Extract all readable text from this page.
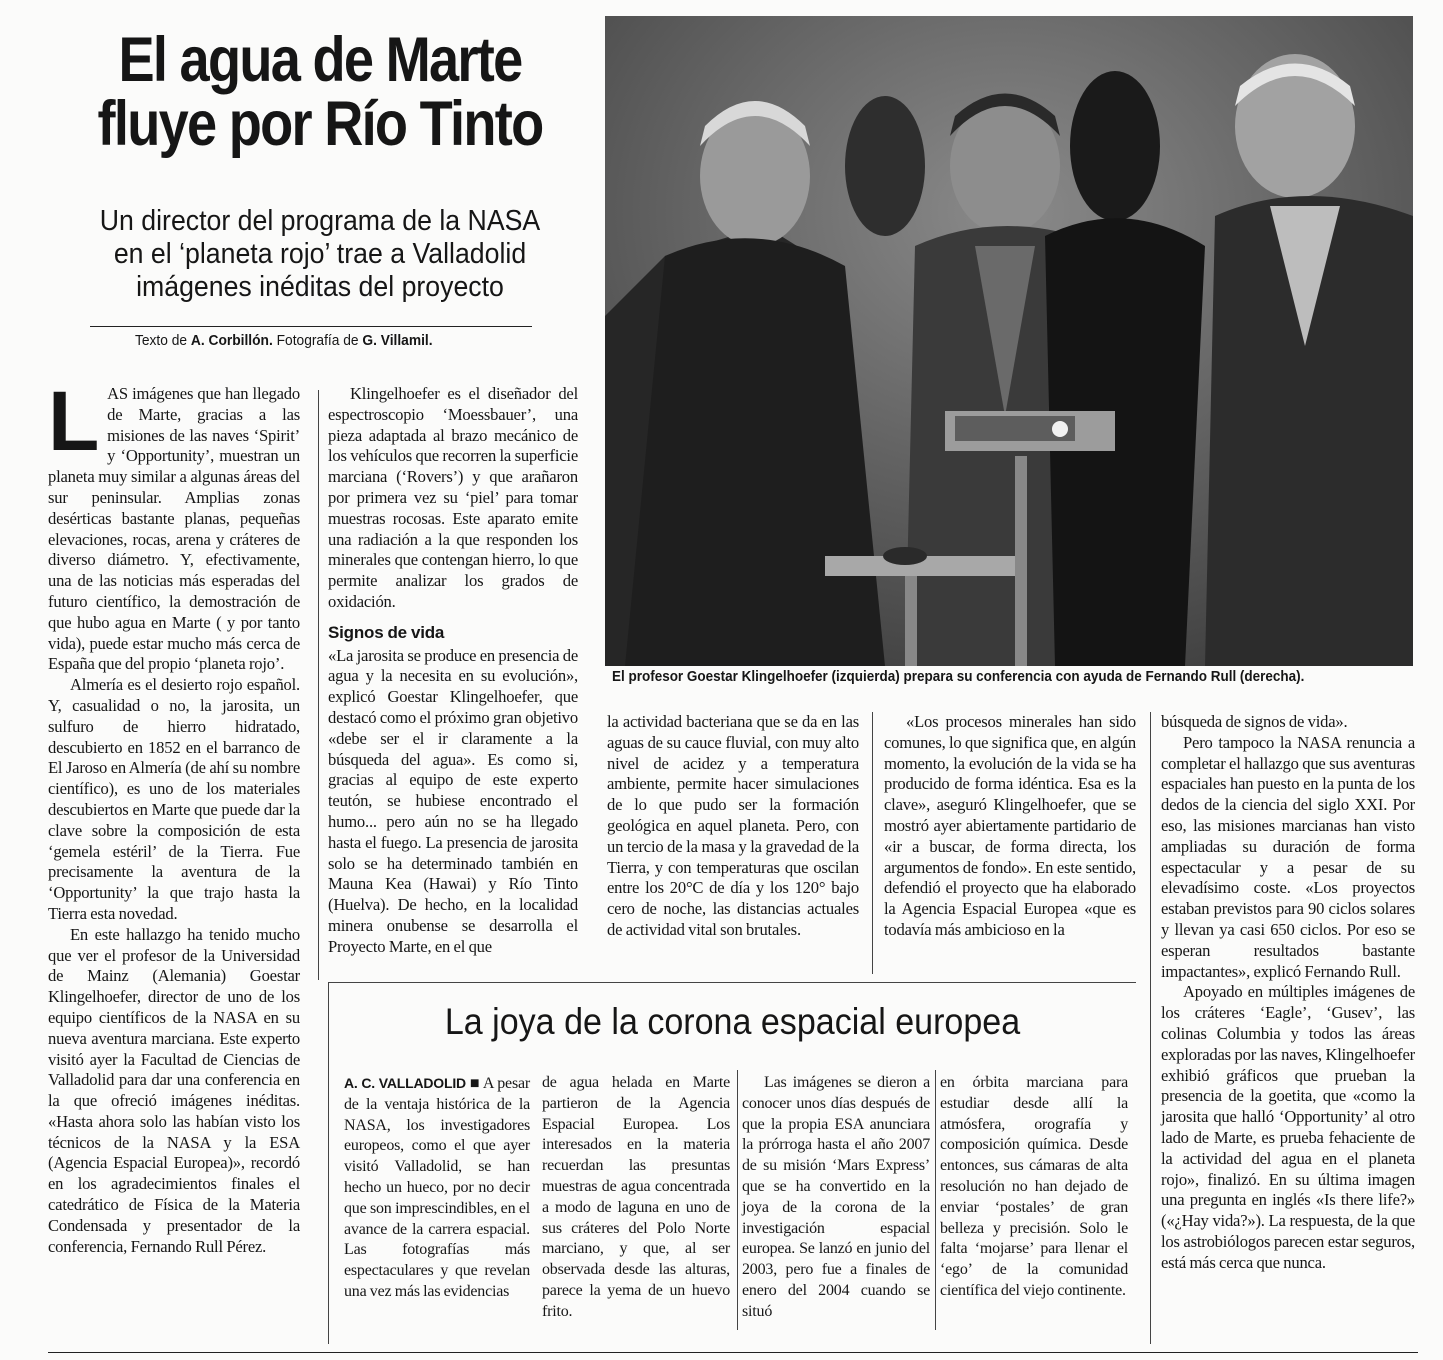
El agua de Marte
fluye por Río Tinto
Un director del programa de la NASA
en el ‘planeta rojo’ trae a Valladolid
imágenes inéditas del proyecto
Texto de A. Corbillón. Fotografía de G. Villamil.

LAS imágenes que han llegado de Marte, gracias a las misiones de las naves ‘Spirit’ y ‘Opportunity’, muestran un planeta muy similar a algunas áreas del sur peninsular. Amplias zonas desérticas bastante planas, pequeñas elevaciones, rocas, arena y cráteres de diverso diámetro. Y, efectivamente, una de las noticias más esperadas del futuro científico, la demostración de que hubo agua en Marte ( y por tanto vida), puede estar mucho más cerca de España que del propio ‘planeta rojo’.

Almería es el desierto rojo español. Y, casualidad o no, la jarosita, un sulfuro de hierro hidratado, descubierto en 1852 en el barranco de El Jaroso en Almería (de ahí su nombre científico), es uno de los materiales descubiertos en Marte que puede dar la clave sobre la composición de esta ‘gemela estéril’ de la Tierra. Fue precisamente la aventura de la ‘Opportunity’ la que trajo hasta la Tierra esta novedad.

En este hallazgo ha tenido mucho que ver el profesor de la Universidad de Mainz (Alemania) Goestar Klingelhoefer, director de uno de los equipo científicos de la NASA en su nueva aventura marciana. Este experto visitó ayer la Facultad de Ciencias de Valladolid para dar una conferencia en la que ofreció imágenes inéditas. «Hasta ahora solo las habían visto los técnicos de la NASA y la ESA (Agencia Espacial Europea)», recordó en los agradecimientos finales el catedrático de Física de la Materia Condensada y presentador de la conferencia, Fernando Rull Pérez.

Klingelhoefer es el diseñador del espectroscopio ‘Moessbauer’, una pieza adaptada al brazo mecánico de los vehículos que recorren la superficie marciana (‘Rovers’) y que arañaron por primera vez su ‘piel’ para tomar muestras rocosas. Este aparato emite una radiación a la que responden los minerales que contengan hierro, lo que permite analizar los grados de oxidación.

Signos de vida

«La jarosita se produce en presencia de agua y la necesita en su evolución», explicó Goestar Klingelhoefer, que destacó como el próximo gran objetivo «debe ser el ir claramente a la búsqueda del agua». Es como si, gracias al equipo de este experto teutón, se hubiese encontrado el humo... pero aún no se ha llegado hasta el fuego. La presencia de jarosita solo se ha determinado también en Mauna Kea (Hawai) y Río Tinto (Huelva). De hecho, en la localidad minera onubense se desarrolla el Proyecto Marte, en el que

El profesor Goestar Klingelhoefer (izquierda) prepara su conferencia con ayuda de Fernando Rull (derecha).

la actividad bacteriana que se da en las aguas de su cauce fluvial, con muy alto nivel de acidez y a temperatura ambiente, permite hacer simulaciones de lo que pudo ser la formación geológica en aquel planeta. Pero, con un tercio de la masa y la gravedad de la Tierra, y con temperaturas que oscilan entre los 20°C de día y los 120° bajo cero de noche, las distancias actuales de actividad vital son brutales.

«Los procesos minerales han sido comunes, lo que significa que, en algún momento, la evolución de la vida se ha producido de forma idéntica. Esa es la clave», aseguró Klingelhoefer, que se mostró ayer abiertamente partidario de «ir a buscar, de forma directa, los argumentos de fondo». En este sentido, defendió el proyecto que ha elaborado la Agencia Espacial Europea «que es todavía más ambicioso en la

búsqueda de signos de vida».

Pero tampoco la NASA renuncia a completar el hallazgo que sus aventuras espaciales han puesto en la punta de los dedos de la ciencia del siglo XXI. Por eso, las misiones marcianas han visto ampliadas su duración de forma espectacular y a pesar de su elevadísimo coste. «Los proyectos estaban previstos para 90 ciclos solares y llevan ya casi 650 ciclos. Por eso se esperan resultados bastante impactantes», explicó Fernando Rull.

Apoyado en múltiples imágenes de los cráteres ‘Eagle’, ‘Gusev’, las colinas Columbia y todos las áreas exploradas por las naves, Klingelhoefer exhibió gráficos que prueban la presencia de la goetita, que «como la jarosita que halló ‘Opportunity’ al otro lado de Marte, es prueba fehaciente de la actividad del agua en el planeta rojo», finalizó. En su última imagen una pregunta en inglés «Is there life?» («¿Hay vida?»). La respuesta, de la que los astrobiólogos parecen estar seguros, está más cerca que nunca.

La joya de la corona espacial europea

A. C. VALLADOLID ■ A pesar de la ventaja histórica de la NASA, los investigadores europeos, como el que ayer visitó Valladolid, se han hecho un hueco, por no decir que son imprescindibles, en el avance de la carrera espacial. Las fotografías más espectaculares y que revelan una vez más las evidencias

de agua helada en Marte partieron de la Agencia Espacial Europea. Los interesados en la materia recuerdan las presuntas muestras de agua concentrada a modo de laguna en uno de sus cráteres del Polo Norte marciano, y que, al ser observada desde las alturas, parece la yema de un huevo frito.

Las imágenes se dieron a conocer unos días después de que la propia ESA anunciara la prórroga hasta el año 2007 de su misión ‘Mars Express’ que se ha convertido en la joya de la corona de la investigación espacial europea. Se lanzó en junio del 2003, pero fue a finales de enero del 2004 cuando se situó

en órbita marciana para estudiar desde allí la atmósfera, orografía y composición química. Desde entonces, sus cámaras de alta resolución no han dejado de enviar ‘postales’ de gran belleza y precisión. Solo le falta ‘mojarse’ para llenar el ‘ego’ de la comunidad científica del viejo continente.
